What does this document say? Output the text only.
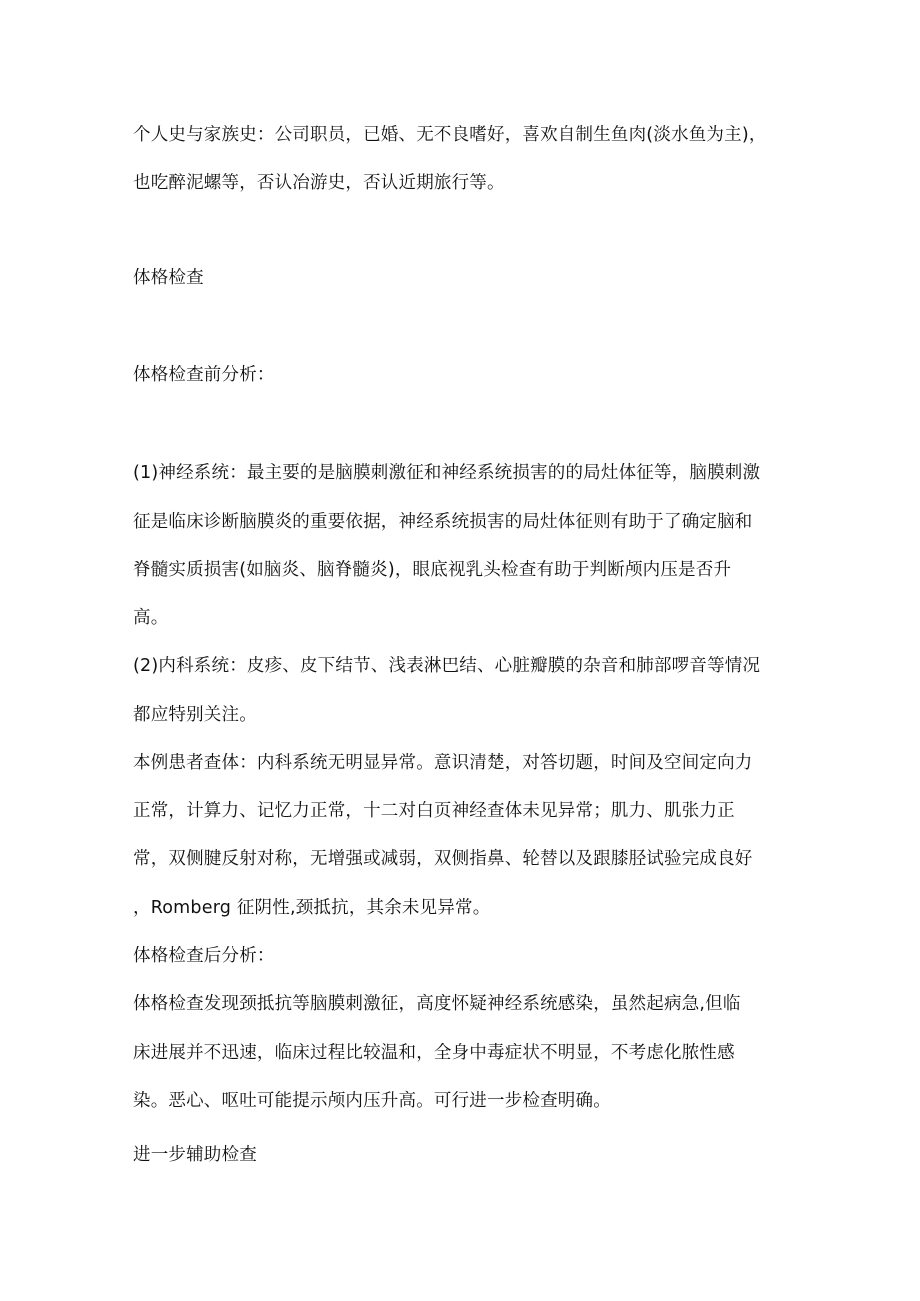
个人史与家族史：公司职员，已婚、无不良嗜好，喜欢自制生鱼肉(淡水鱼为主)，

也吃醉泥螺等，否认冶游史，否认近期旅行等。

体格检查

体格检查前分析：

(1)神经系统：最主要的是脑膜刺激征和神经系统损害的的局灶体征等，脑膜刺激

征是临床诊断脑膜炎的重要依据，神经系统损害的局灶体征则有助于了确定脑和

脊髓实质损害(如脑炎、脑脊髓炎)，眼底视乳头检查有助于判断颅内压是否升

高。

(2)内科系统：皮疹、皮下结节、浅表淋巴结、心脏瓣膜的杂音和肺部啰音等情况

都应特别关注。

本例患者查体：内科系统无明显异常。意识清楚，对答切题，时间及空间定向力

正常，计算力、记忆力正常，十二对白页神经查体未见异常；肌力、肌张力正

常，双侧腱反射对称，无增强或减弱，双侧指鼻、轮替以及跟膝胫试验完成良好

，Romberg 征阴性,颈抵抗，其余未见异常。

体格检查后分析：

体格检查发现颈抵抗等脑膜刺激征，高度怀疑神经系统感染，虽然起病急,但临

床进展并不迅速，临床过程比较温和，全身中毒症状不明显，不考虑化脓性感

染。恶心、呕吐可能提示颅内压升高。可行进一步检查明确。

进一步辅助检查
